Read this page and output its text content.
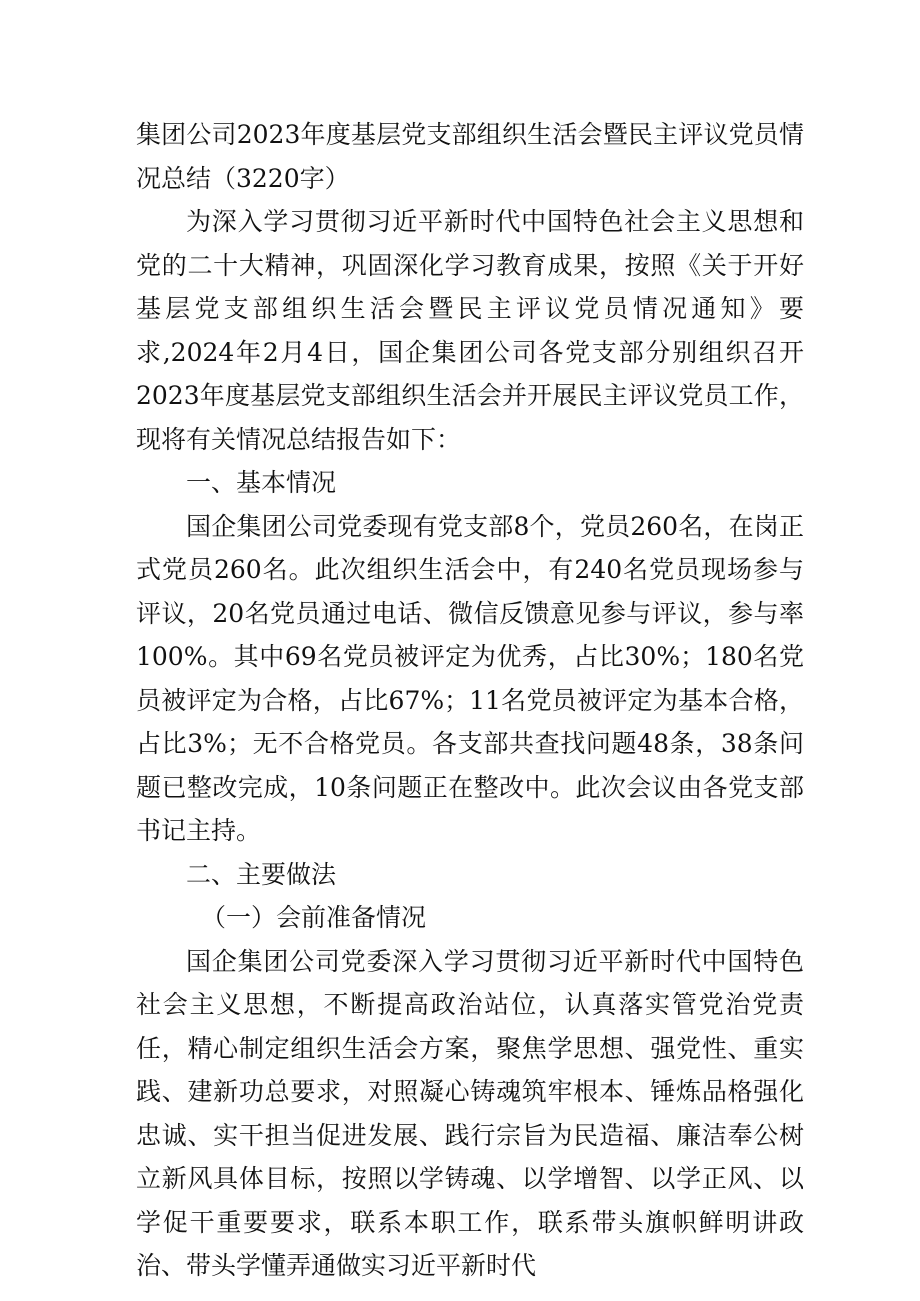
集团公司2023年度基层党支部组织生活会暨民主评议党员情况总结（3220字）

为深入学习贯彻习近平新时代中国特色社会主义思想和党的二十大精神，巩固深化学习教育成果，按照《关于开好基层党支部组织生活会暨民主评议党员情况通知》要求,2024年2月4日，国企集团公司各党支部分别组织召开2023年度基层党支部组织生活会并开展民主评议党员工作，现将有关情况总结报告如下：

一、基本情况

国企集团公司党委现有党支部8个，党员260名，在岗正式党员260名。此次组织生活会中，有240名党员现场参与评议，20名党员通过电话、微信反馈意见参与评议，参与率100%。其中69名党员被评定为优秀，占比30%；180名党员被评定为合格，占比67%；11名党员被评定为基本合格，占比3%；无不合格党员。各支部共查找问题48条，38条问题已整改完成，10条问题正在整改中。此次会议由各党支部书记主持。

二、主要做法

（一）会前准备情况

国企集团公司党委深入学习贯彻习近平新时代中国特色社会主义思想，不断提高政治站位，认真落实管党治党责任，精心制定组织生活会方案，聚焦学思想、强党性、重实践、建新功总要求，对照凝心铸魂筑牢根本、锤炼品格强化忠诚、实干担当促进发展、践行宗旨为民造福、廉洁奉公树立新风具体目标，按照以学铸魂、以学增智、以学正风、以学促干重要要求，联系本职工作，联系带头旗帜鲜明讲政治、带头学懂弄通做实习近平新时代
